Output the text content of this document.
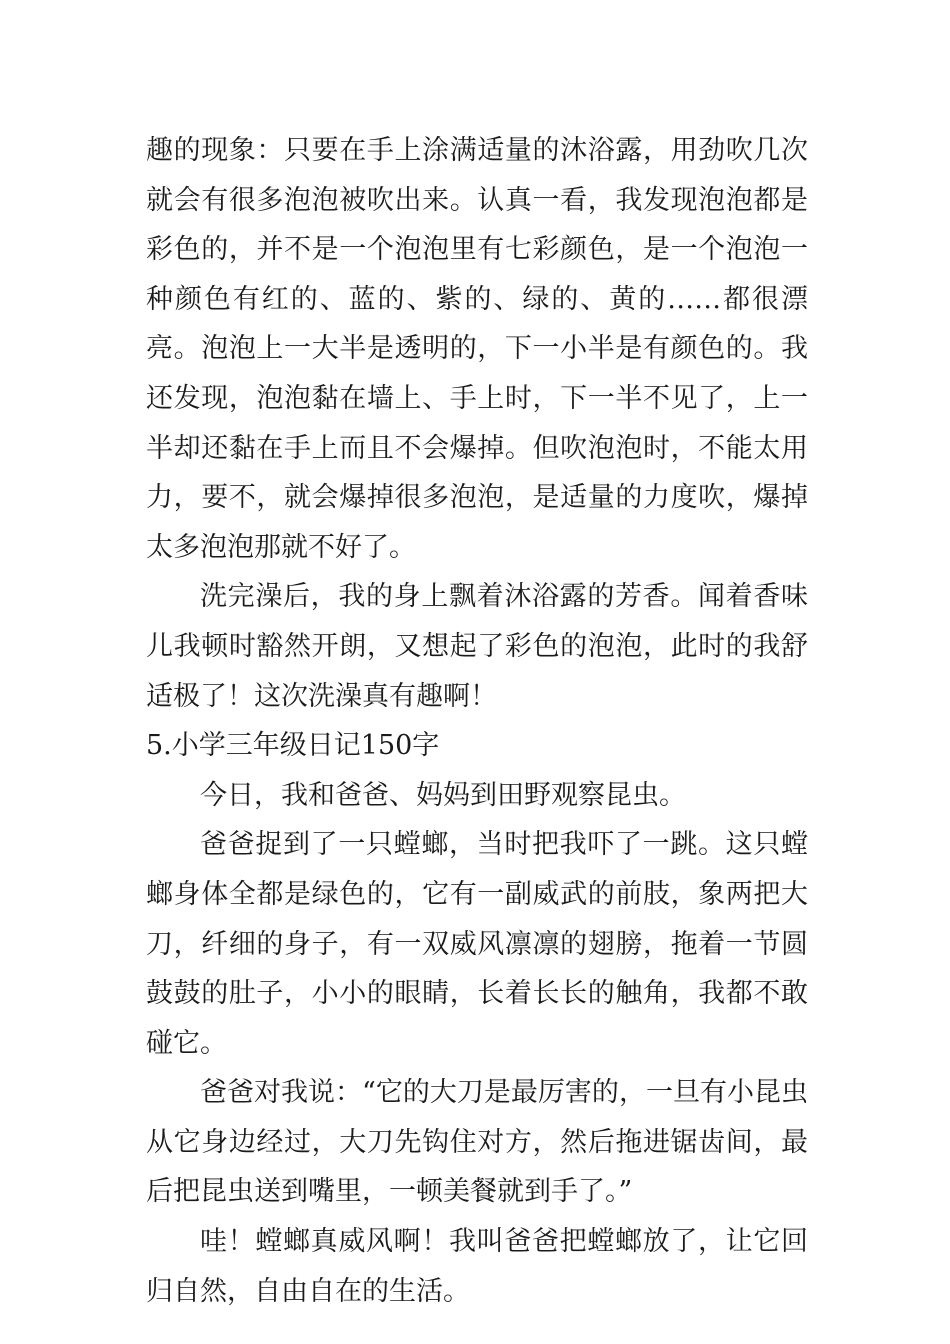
趣的现象：只要在手上涂满适量的沐浴露，用劲吹几次就会有很多泡泡被吹出来。认真一看，我发现泡泡都是彩色的，并不是一个泡泡里有七彩颜色，是一个泡泡一种颜色有红的、蓝的、紫的、绿的、黄的……都很漂亮。泡泡上一大半是透明的，下一小半是有颜色的。我还发现，泡泡黏在墙上、手上时，下一半不见了，上一半却还黏在手上而且不会爆掉。但吹泡泡时，不能太用力，要不，就会爆掉很多泡泡，是适量的力度吹，爆掉太多泡泡那就不好了。

洗完澡后，我的身上飘着沐浴露的芳香。闻着香味儿我顿时豁然开朗，又想起了彩色的泡泡，此时的我舒适极了！这次洗澡真有趣啊！

5.小学三年级日记150字

今日，我和爸爸、妈妈到田野观察昆虫。

爸爸捉到了一只螳螂，当时把我吓了一跳。这只螳螂身体全都是绿色的，它有一副威武的前肢，象两把大刀，纤细的身子，有一双威风凛凛的翅膀，拖着一节圆鼓鼓的肚子，小小的眼睛，长着长长的触角，我都不敢碰它。

爸爸对我说：“它的大刀是最厉害的，一旦有小昆虫从它身边经过，大刀先钩住对方，然后拖进锯齿间，最后把昆虫送到嘴里，一顿美餐就到手了。”

哇！螳螂真威风啊！我叫爸爸把螳螂放了，让它回归自然，自由自在的生活。
